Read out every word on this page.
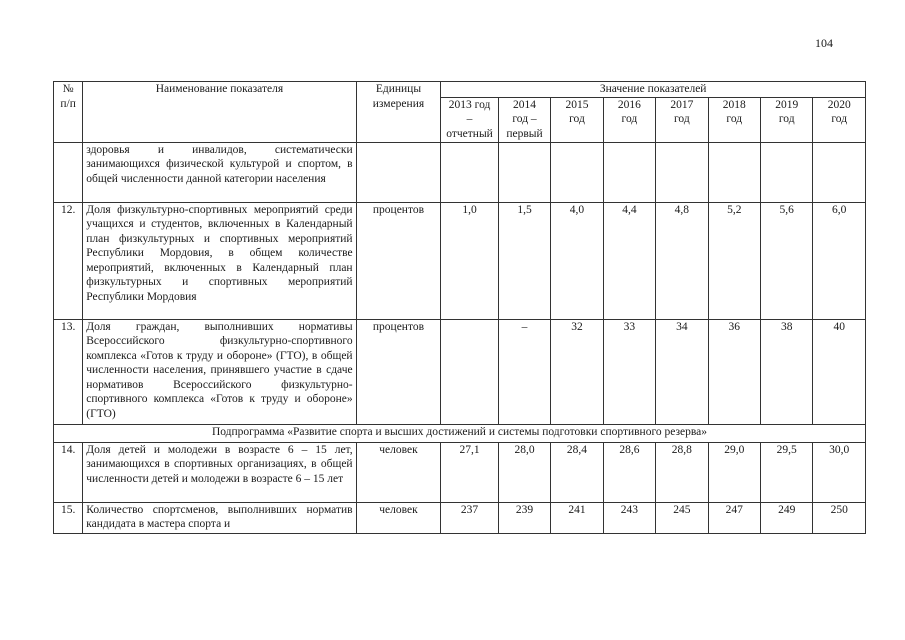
104
№
п/п	Наименование показателя	Единицы измерения	Значение показателей							
			2013 год
–
отчетный	2014
год –
первый	2015
год	2016
год	2017
год	2018
год	2019
год	2020
год
	здоровья и инвалидов, систематически занимающихся физической культурой и спортом, в общей численности данной категории населения									
12.	Доля физкультурно-спортивных мероприятий среди учащихся и студентов, включенных в Календарный план физкультурных и спортивных мероприятий Республики Мордовия, в общем количестве мероприятий, включенных в Календарный план физкультурных и спортивных мероприятий Республики Мордовия	процентов	1,0	1,5	4,0	4,4	4,8	5,2	5,6	6,0
13.	Доля граждан, выполнивших нормативы Всероссийского физкультурно-спортивного комплекса «Готов к труду и обороне» (ГТО), в общей численности населения, принявшего участие в сдаче нормативов Всероссийского физкультурно-спортивного комплекса «Готов к труду и обороне» (ГТО)	процентов		–	32	33	34	36	38	40
Подпрограмма «Развитие спорта и высших достижений и системы подготовки спортивного резерва»										
14.	Доля детей и молодежи в возрасте 6 – 15 лет, занимающихся в спортивных организациях, в общей численности детей и молодежи в возрасте 6 – 15 лет	человек	27,1	28,0	28,4	28,6	28,8	29,0	29,5	30,0
15.	Количество спортсменов, выполнивших норматив кандидата в мастера спорта и	человек	237	239	241	243	245	247	249	250
